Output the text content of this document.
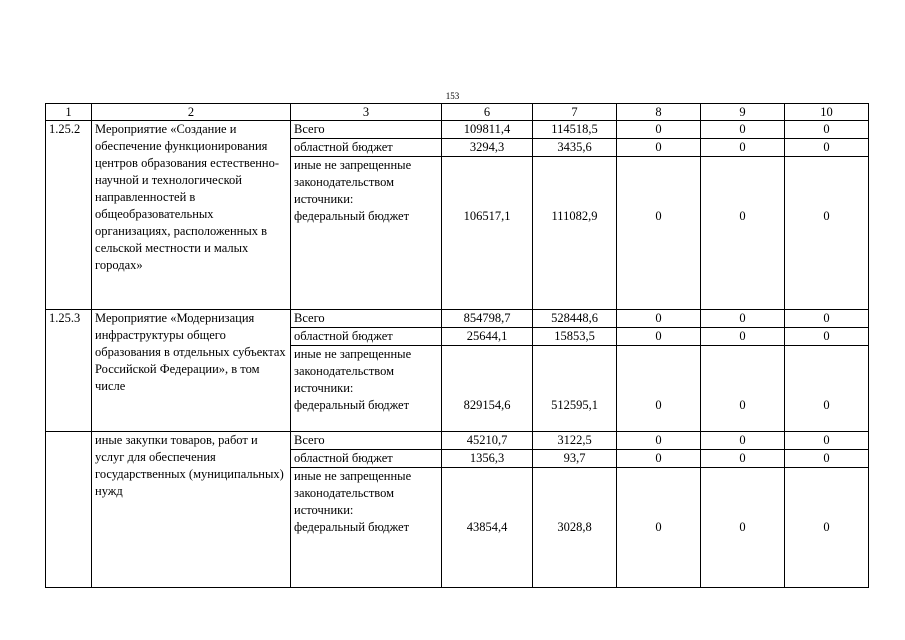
153
1	2	3	6	7	8	9	10
1.25.2	Мероприятие «Создание и обеспечение функционирования центров образования естественно-научной и технологической направленностей в общеобразовательных организациях, расположенных в сельской местности и малых городах»	Всего	109811,4	114518,5	0	0	0
		областной бюджет	3294,3	3435,6	0	0	0

		иные не запрещенные
законодательством
источники:
федеральный бюджет	106517,1	111082,9	0	0	0

1.25.3	Мероприятие «Модернизация инфраструктуры общего образования в отдельных субъектах Российской Федерации», в том числе	Всего	854798,7	528448,6	0	0	0
		областной бюджет	25644,1	15853,5	0	0	0

		иные не запрещенные
законодательством
источники:
федеральный бюджет	829154,6	512595,1	0	0	0

	иные закупки товаров, работ и услуг для обеспечения государственных (муниципальных) нужд	Всего	45210,7	3122,5	0	0	0
		областной бюджет	1356,3	93,7	0	0	0

		иные не запрещенные
законодательством
источники:
федеральный бюджет	43854,4	3028,8	0	0	0
